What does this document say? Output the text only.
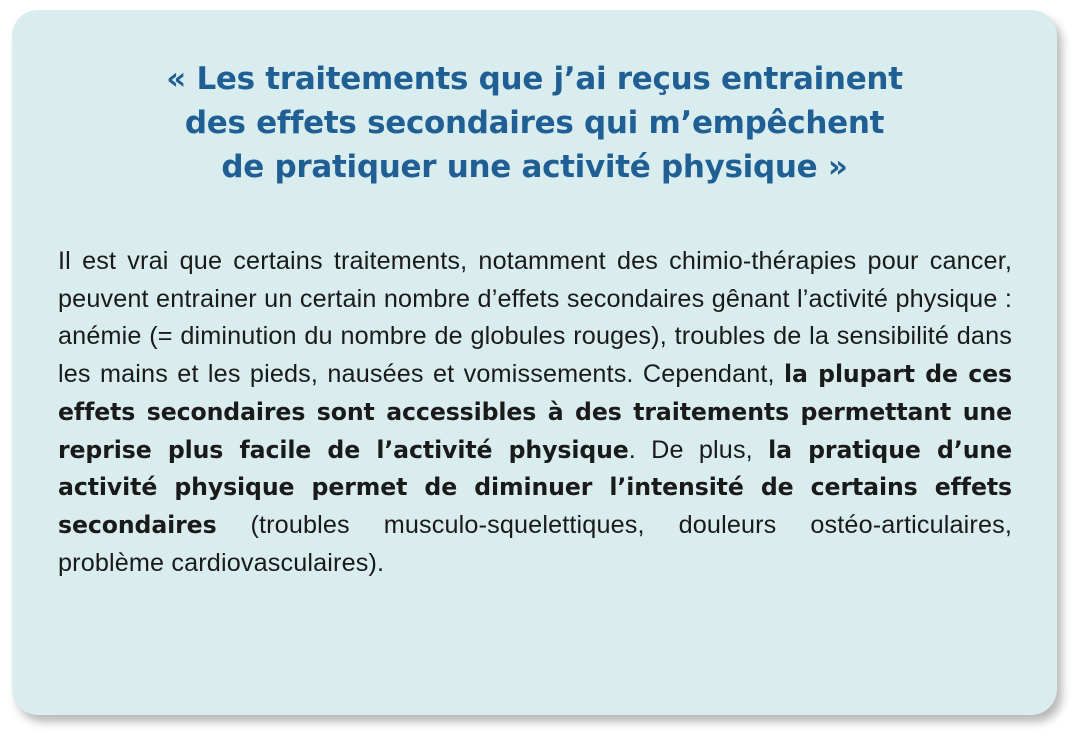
« Les traitements que j’ai reçus entrainent
des effets secondaires qui m’empêchent
de pratiquer une activité physique »

Il est vrai que certains traitements, notamment des chimio-thérapies pour cancer, peuvent entrainer un certain nombre d’effets secondaires gênant l’activité physique : anémie (= diminution du nombre de globules rouges), troubles de la sensibilité dans les mains et les pieds, nausées et vomissements. Cependant, la plupart de ces effets secondaires sont accessibles à des traitements permettant une reprise plus facile de l’activité physique. De plus, la pratique d’une activité physique permet de diminuer l’intensité de certains effets secondaires (troubles musculo-squelettiques, douleurs ostéo-articulaires, problème cardiovasculaires).
